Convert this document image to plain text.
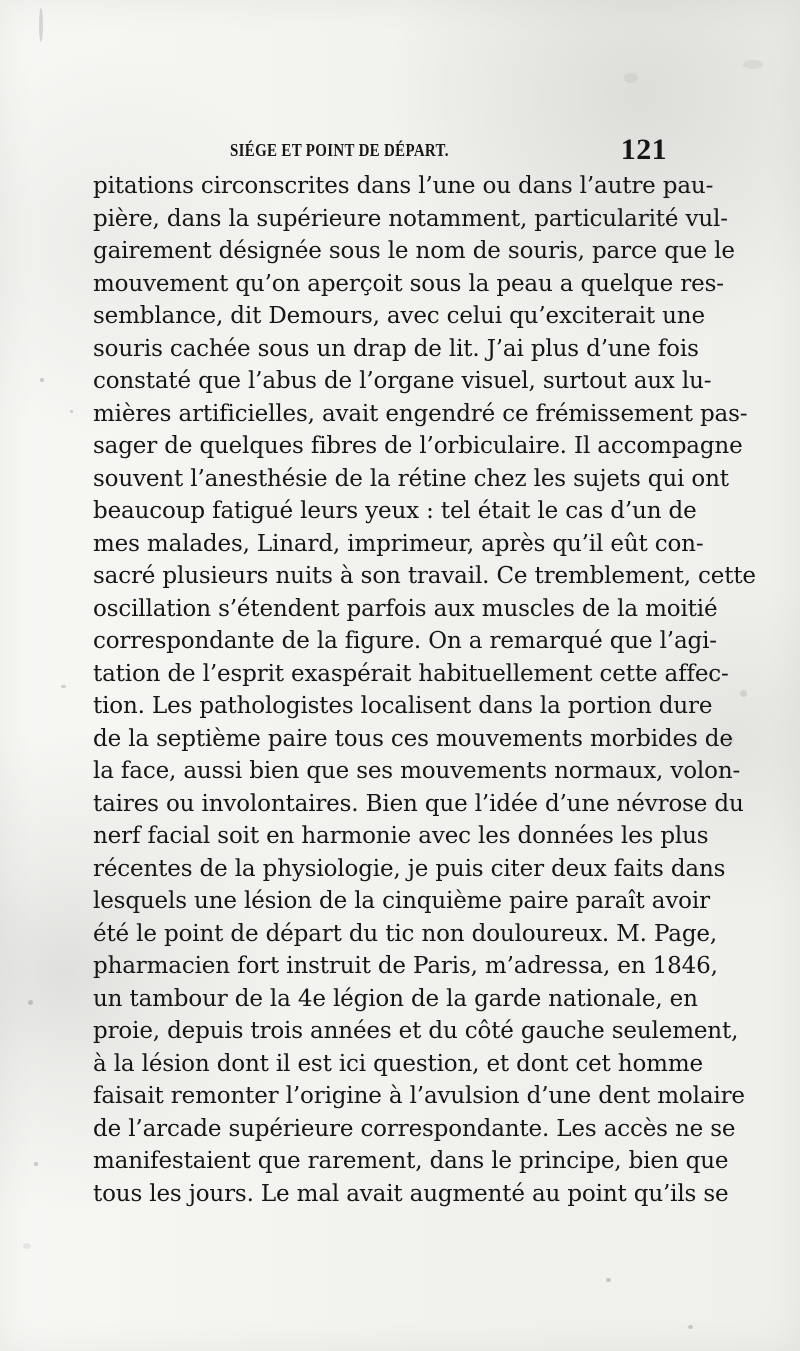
SIÉGE ET POINT DE DÉPART.	121
pitations circonscrites dans l’une ou dans l’autre pau-
pière, dans la supérieure notamment, particularité vul-
gairement désignée sous le nom de souris, parce que le
mouvement qu’on aperçoit sous la peau a quelque res-
semblance, dit Demours, avec celui qu’exciterait une
souris cachée sous un drap de lit. J’ai plus d’une fois
constaté que l’abus de l’organe visuel, surtout aux lu-
mières artificielles, avait engendré ce frémissement pas-
sager de quelques fibres de l’orbiculaire. Il accompagne
souvent l’anesthésie de la rétine chez les sujets qui ont
beaucoup fatigué leurs yeux : tel était le cas d’un de
mes malades, Linard, imprimeur, après qu’il eût con-
sacré plusieurs nuits à son travail. Ce tremblement, cette
oscillation s’étendent parfois aux muscles de la moitié
correspondante de la figure. On a remarqué que l’agi-
tation de l’esprit exaspérait habituellement cette affec-
tion. Les pathologistes localisent dans la portion dure
de la septième paire tous ces mouvements morbides de
la face, aussi bien que ses mouvements normaux, volon-
taires ou involontaires. Bien que l’idée d’une névrose du
nerf facial soit en harmonie avec les données les plus
récentes de la physiologie, je puis citer deux faits dans
lesquels une lésion de la cinquième paire paraît avoir
été le point de départ du tic non douloureux. M. Page,
pharmacien fort instruit de Paris, m’adressa, en 1846,
un tambour de la 4e légion de la garde nationale, en
proie, depuis trois années et du côté gauche seulement,
à la lésion dont il est ici question, et dont cet homme
faisait remonter l’origine à l’avulsion d’une dent molaire
de l’arcade supérieure correspondante. Les accès ne se
manifestaient que rarement, dans le principe, bien que
tous les jours. Le mal avait augmenté au point qu’ils se
